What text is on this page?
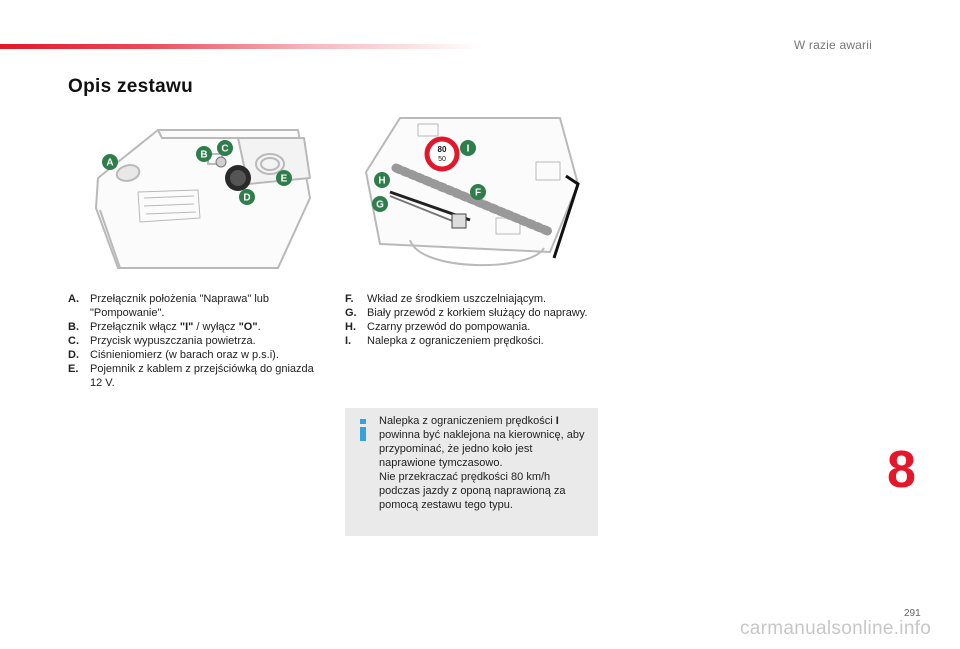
W razie awarii
Opis zestawu
A
B
C
D
E
80
50
I
H
F
G
A.	Przełącznik położenia "Naprawa" lub "Pompowanie".
B.	Przełącznik włącz "I" / wyłącz "O".
C.	Przycisk wypuszczania powietrza.
D.	Ciśnieniomierz (w barach oraz w p.s.i).
E.	Pojemnik z kablem z przejściówką do gniazda 12 V.
F.	Wkład ze środkiem uszczelniającym.
G. Biały przewód z korkiem służący do naprawy.
H.	Czarny przewód do pompowania.
I.	Nalepka z ograniczeniem prędkości.
Nalepka z ograniczeniem prędkości I powinna być naklejona na kierownicę, aby przypominać, że jedno koło jest naprawione tymczasowo.
Nie przekraczać prędkości 80 km/h podczas jazdy z oponą naprawioną za pomocą zestawu tego typu.
8
291
carmanualsonline.info
